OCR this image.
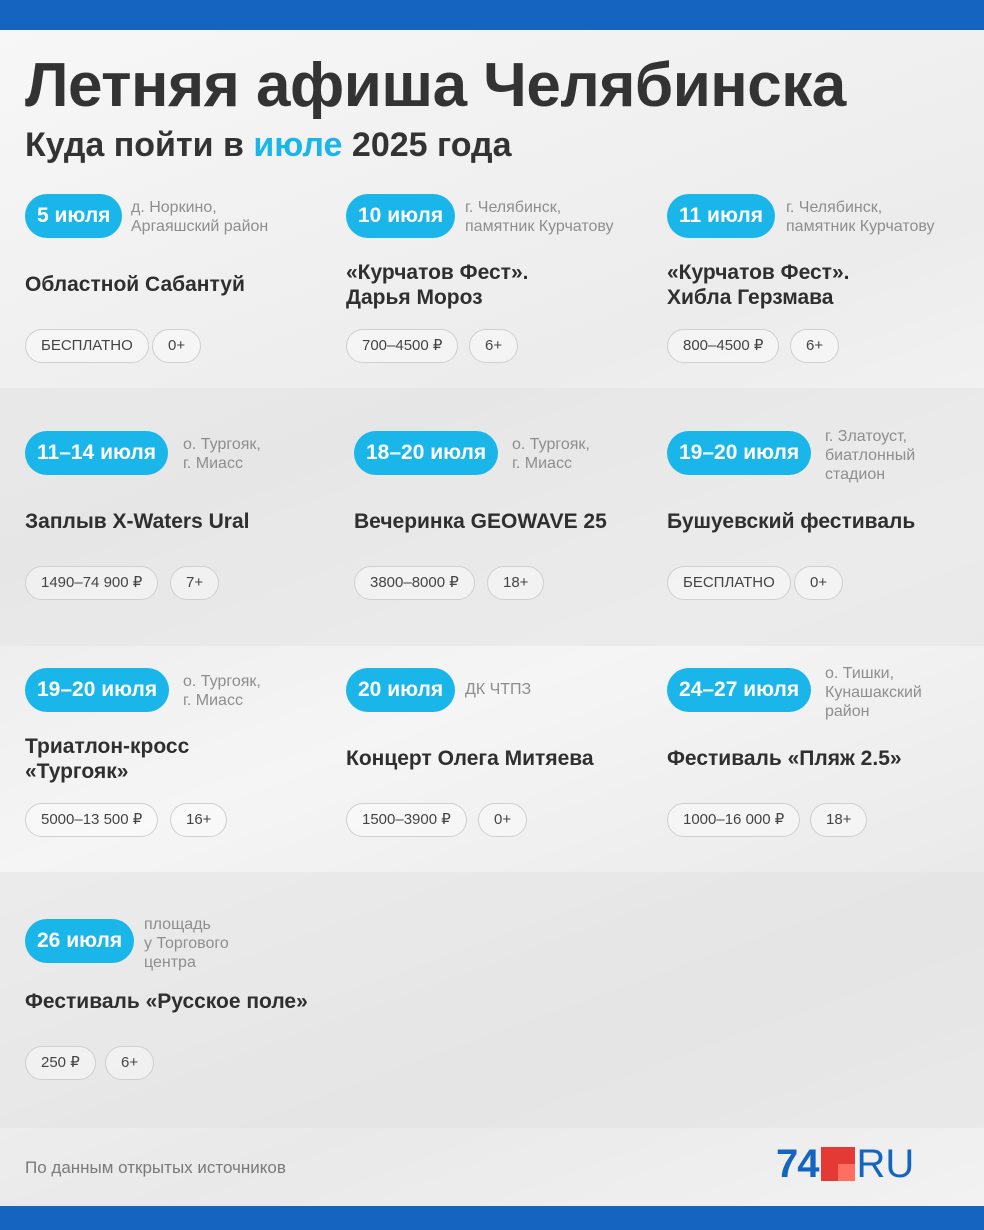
Летняя афиша Челябинска
Куда пойти в июле 2025 года
5 июля	д. Норкино,
Аргаяшский район
Областной Сабантуй
БЕСПЛАТНО	0+
10 июля	г. Челябинск,
памятник Курчатову
«Курчатов Фест».
Дарья Мороз
700–4500 ₽	6+
11 июля	г. Челябинск,
памятник Курчатову
«Курчатов Фест».
Хибла Герзмава
800–4500 ₽	6+
11–14 июля	о. Тургояк,
г. Миасс
Заплыв X-Waters Ural
1490–74 900 ₽	7+
18–20 июля	о. Тургояк,
г. Миасс
Вечеринка GEOWAVE 25
3800–8000 ₽	18+
19–20 июля
г. Златоуст,
биатлонный
стадион
Бушуевский фестиваль
БЕСПЛАТНО	0+
19–20 июля	о. Тургояк,
г. Миасс
Триатлон-кросс
«Тургояк»
5000–13 500 ₽	16+
20 июля	ДК ЧТПЗ
Концерт Олега Митяева
1500–3900 ₽	0+
24–27 июля
о. Тишки,
Кунашакский
район
Фестиваль «Пляж 2.5»
1000–16 000 ₽	18+
26 июля
площадь
у Торгового
центра
Фестиваль «Русское поле»
250 ₽	6+
По данным открытых источников	74 RU
